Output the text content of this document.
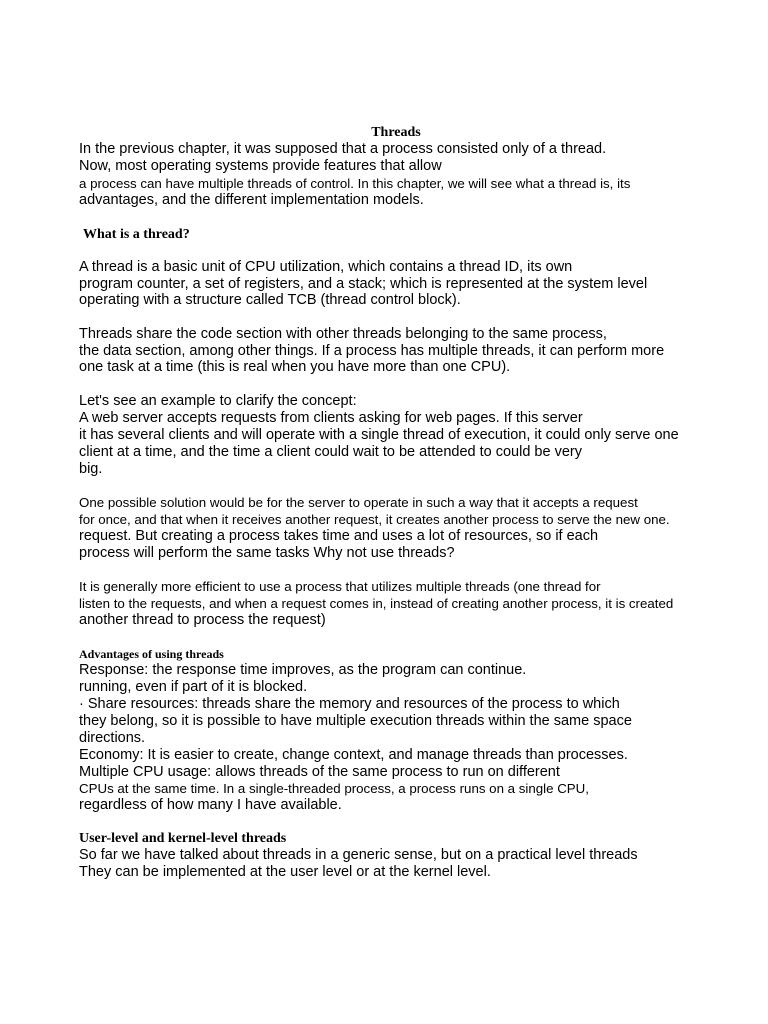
Threads
In the previous chapter, it was supposed that a process consisted only of a thread.
Now, most operating systems provide features that allow
a process can have multiple threads of control. In this chapter, we will see what a thread is, its
advantages, and the different implementation models.
What is a thread?
A thread is a basic unit of CPU utilization, which contains a thread ID, its own
program counter, a set of registers, and a stack; which is represented at the system level
operating with a structure called TCB (thread control block).
Threads share the code section with other threads belonging to the same process,
the data section, among other things. If a process has multiple threads, it can perform more
one task at a time (this is real when you have more than one CPU).
Let's see an example to clarify the concept:
A web server accepts requests from clients asking for web pages. If this server
it has several clients and will operate with a single thread of execution, it could only serve one
client at a time, and the time a client could wait to be attended to could be very
big.
One possible solution would be for the server to operate in such a way that it accepts a request
for once, and that when it receives another request, it creates another process to serve the new one.
request. But creating a process takes time and uses a lot of resources, so if each
process will perform the same tasks Why not use threads?
It is generally more efficient to use a process that utilizes multiple threads (one thread for
listen to the requests, and when a request comes in, instead of creating another process, it is created
another thread to process the request)
Advantages of using threads
Response: the response time improves, as the program can continue.
running, even if part of it is blocked.
· Share resources: threads share the memory and resources of the process to which
they belong, so it is possible to have multiple execution threads within the same space
directions.
Economy: It is easier to create, change context, and manage threads than processes.
Multiple CPU usage: allows threads of the same process to run on different
CPUs at the same time. In a single-threaded process, a process runs on a single CPU,
regardless of how many I have available.
User-level and kernel-level threads
So far we have talked about threads in a generic sense, but on a practical level threads
They can be implemented at the user level or at the kernel level.
